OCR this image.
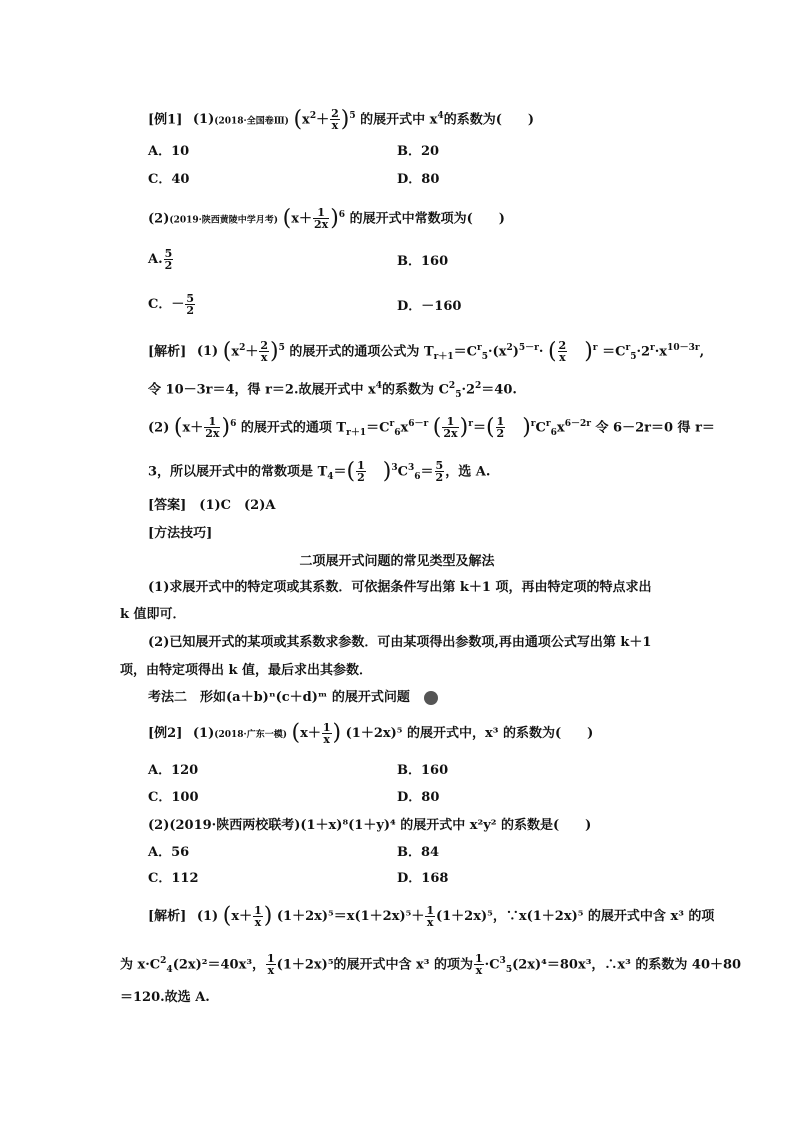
[例1] (1)(2018·全国卷Ⅲ) $(x^2+ \frac{2}{x} )^5$ 的展开式中 $x^4$的系数为(　　)
A．10	B．20
C．40	D．80
(2)(2019·陕西黄陵中学月考) $(x+ \frac{1}{2x} )^6$ 的展开式中常数项为(　　)
A. $\frac{5}{2}$	B．160
C．－ $\frac{5}{2}$	D．－160
[解析] (1) $(x^2+ \frac{2}{x} )^5$ 的展开式的通项公式为 $T_{r+1}=C^r_5\cdot(x^2)^{5-r}\cdot$ ( $\frac{2}{x} )^r =C^r_5\cdot 2^r\cdot x^{10-3r}$,
令 10－3r＝4，得 r＝2.故展开式中 $x^4$的系数为 $C^2_5\cdot 2^2=40$.
(2) $(x+ \frac{1}{2x} )^6$ 的展开式的通项 $T_{r+1}=C^r_6x^{6-r}$ ( $\frac{1}{2x} )^r=( \frac{1}{2} )^rC^r_6x^{6-2r}$ 令 6－2r＝0 得 r＝
3，所以展开式中的常数项是 $T_4=( \frac{1}{2} )^3C^3_6= \frac{5}{2}$ ，选 A.
[答案]　(1)C　(2)A
[方法技巧]
二项展开式问题的常见类型及解法
(1)求展开式中的特定项或其系数．可依据条件写出第 k＋1 项，再由特定项的特点求出
k 值即可．
(2)已知展开式的某项或其系数求参数．可由某项得出参数项,再由通项公式写出第 k＋1
项，由特定项得出 k 值，最后求出其参数．
考法二　形如(a＋b)ⁿ(c＋d)ᵐ 的展开式问题
[例2] (1)(2018·广东一模) ($x+ \frac{1}{x}$ ) (1＋2x)⁵ 的展开式中，x³ 的系数为(　　)
A．120	B．160
C．100	D．80
(2)(2019·陕西两校联考)(1＋x)⁸(1＋y)⁴ 的展开式中 x²y² 的系数是(　　)
A．56	B．84
C．112	D．168
[解析] (1) ($x+ \frac{1}{x}$ ) $(1+2x)^5=x(1+2x)^5+ \frac{1}{x} (1+2x)^5$，∵x(1＋2x)⁵ 的展开式中含 x³ 的项
为 $x\cdot C^2_4(2x)^2=40x^3$， $\frac{1}{x} (1+2x)^5$的展开式中含 x³ 的项为 $\frac{1}{x} \cdot C^3_5(2x)^4=80x^3$，∴x³ 的系数为 40＋80
＝120.故选 A.
